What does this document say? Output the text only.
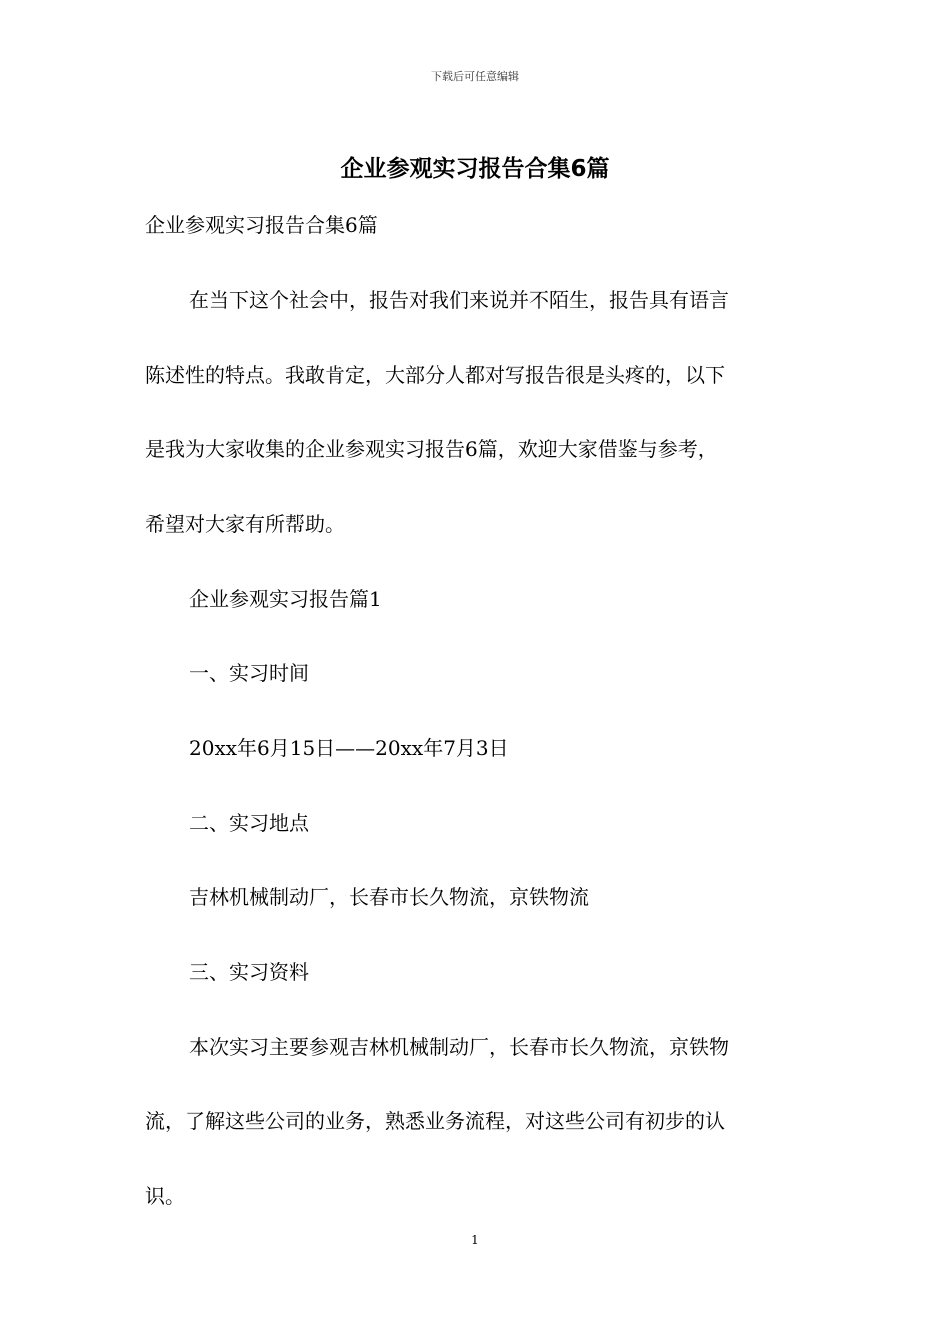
下载后可任意编辑
企业参观实习报告合集6篇

企业参观实习报告合集6篇

在当下这个社会中，报告对我们来说并不陌生，报告具有语言

陈述性的特点。我敢肯定，大部分人都对写报告很是头疼的，以下

是我为大家收集的企业参观实习报告6篇，欢迎大家借鉴与参考，

希望对大家有所帮助。

企业参观实习报告篇1

一、实习时间

20xx年6月15日——20xx年7月3日

二、实习地点

吉林机械制动厂，长春市长久物流，京铁物流

三、实习资料

本次实习主要参观吉林机械制动厂，长春市长久物流，京铁物

流，了解这些公司的业务，熟悉业务流程，对这些公司有初步的认

识。

1
